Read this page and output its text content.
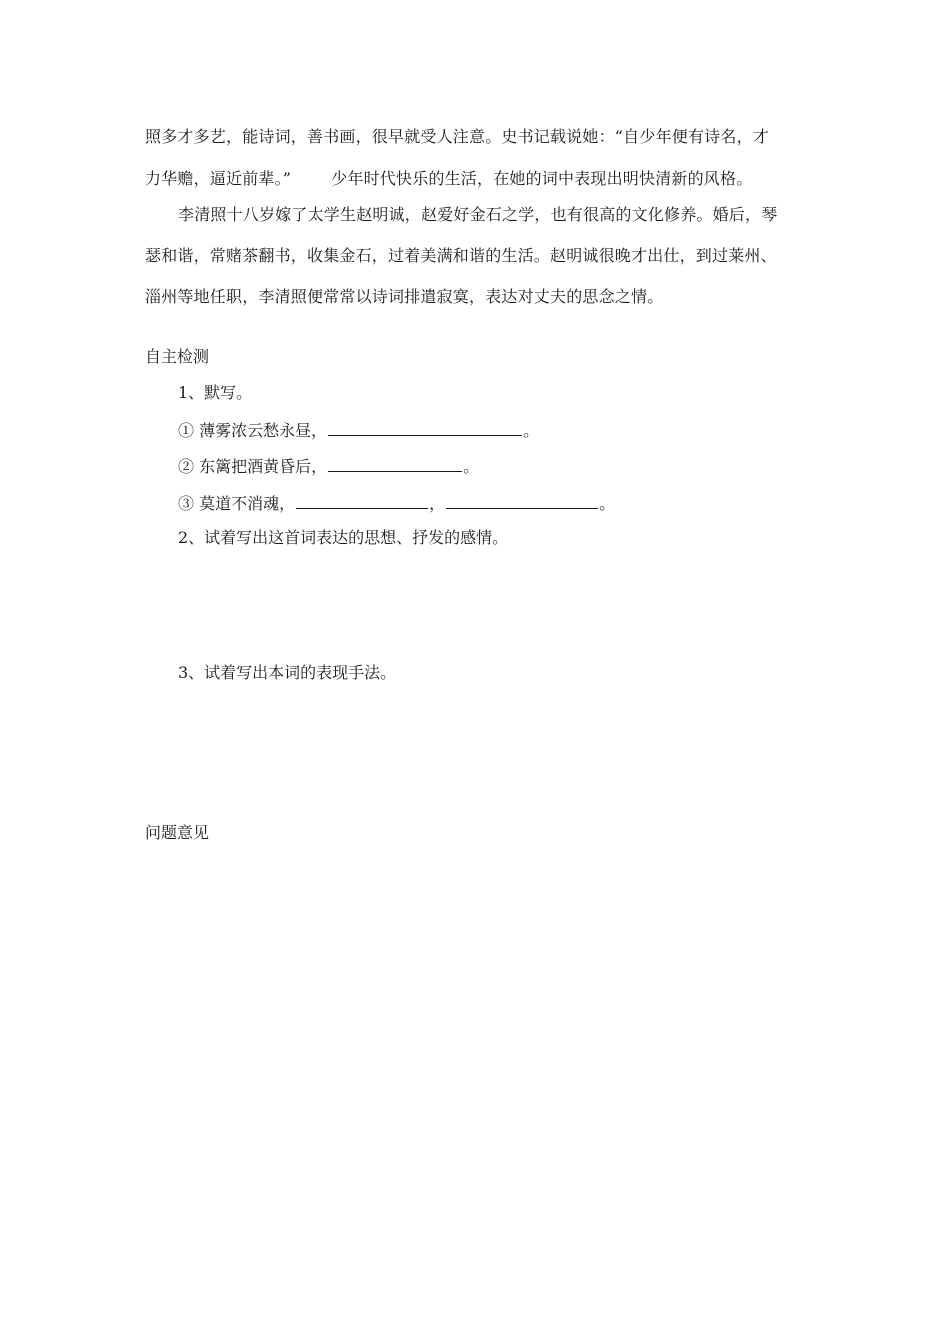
照多才多艺，能诗词，善书画，很早就受人注意。史书记载说她：“自少年便有诗名，才
力华赡，逼近前辈。”	少年时代快乐的生活，在她的词中表现出明快清新的风格。
李清照十八岁嫁了太学生赵明诚，赵爱好金石之学，也有很高的文化修养。婚后，琴
瑟和谐，常赌茶翻书，收集金石，过着美满和谐的生活。赵明诚很晚才出仕，到过莱州、
淄州等地任职，李清照便常常以诗词排遣寂寞，表达对丈夫的思念之情。
自主检测
1、默写。
① 薄雾浓云愁永昼，	。
② 东篱把酒黄昏后，	。
③ 莫道不消魂，	，	。
2、试着写出这首词表达的思想、抒发的感情。
3、试着写出本词的表现手法。
问题意见
